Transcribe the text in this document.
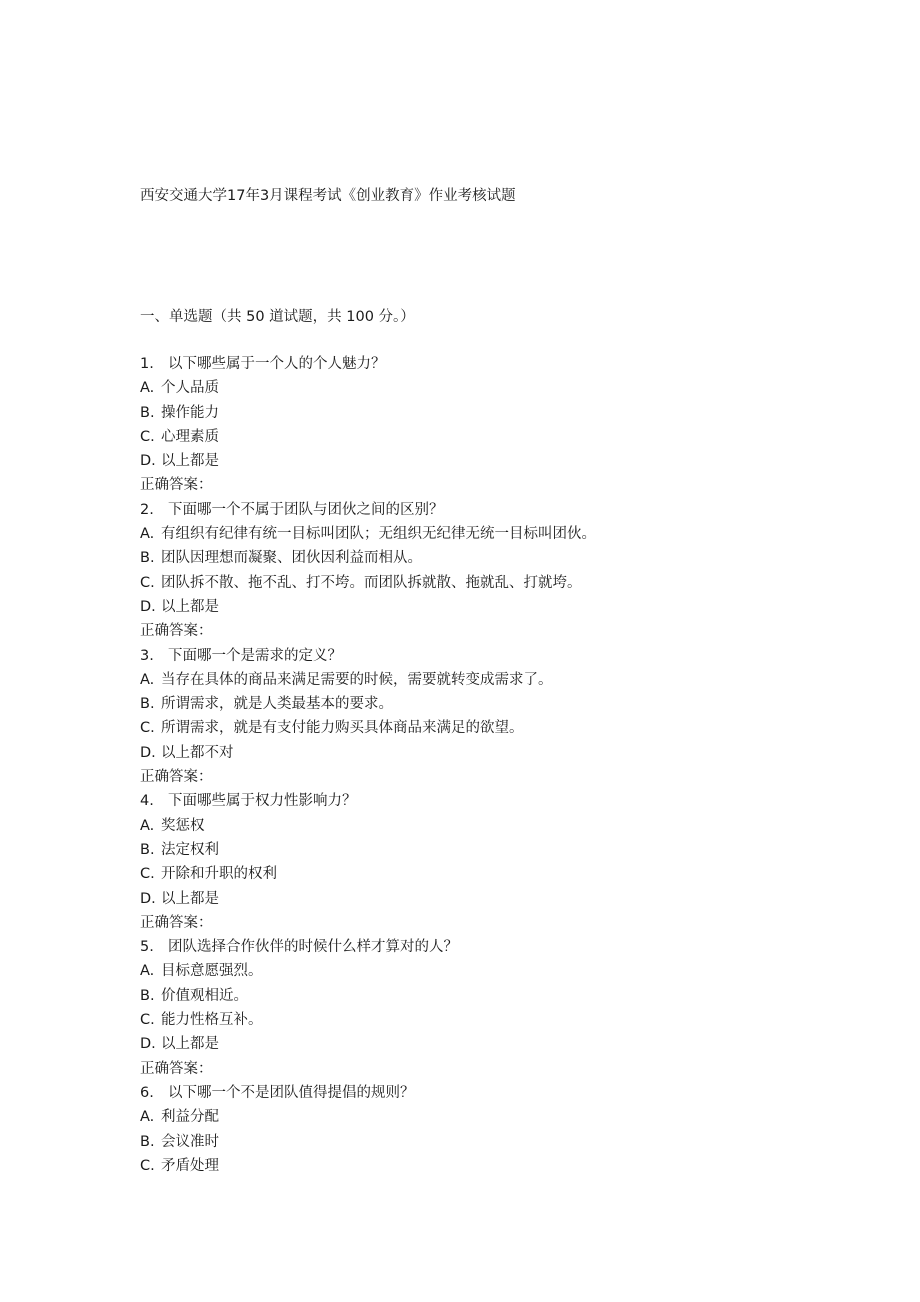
西安交通大学17年3月课程考试《创业教育》作业考核试题
一、单选题（共 50 道试题，共 100 分。）
1. 以下哪些属于一个人的个人魅力？
A. 个人品质
B. 操作能力
C. 心理素质
D. 以上都是
正确答案：
2. 下面哪一个不属于团队与团伙之间的区别？
A. 有组织有纪律有统一目标叫团队；无组织无纪律无统一目标叫团伙。
B. 团队因理想而凝聚、团伙因利益而相从。
C. 团队拆不散、拖不乱、打不垮。而团队拆就散、拖就乱、打就垮。
D. 以上都是
正确答案：
3. 下面哪一个是需求的定义？
A. 当存在具体的商品来满足需要的时候，需要就转变成需求了。
B. 所谓需求，就是人类最基本的要求。
C. 所谓需求，就是有支付能力购买具体商品来满足的欲望。
D. 以上都不对
正确答案：
4. 下面哪些属于权力性影响力？
A. 奖惩权
B. 法定权利
C. 开除和升职的权利
D. 以上都是
正确答案：
5. 团队选择合作伙伴的时候什么样才算对的人？
A. 目标意愿强烈。
B. 价值观相近。
C. 能力性格互补。
D. 以上都是
正确答案：
6. 以下哪一个不是团队值得提倡的规则？
A. 利益分配
B. 会议准时
C. 矛盾处理
